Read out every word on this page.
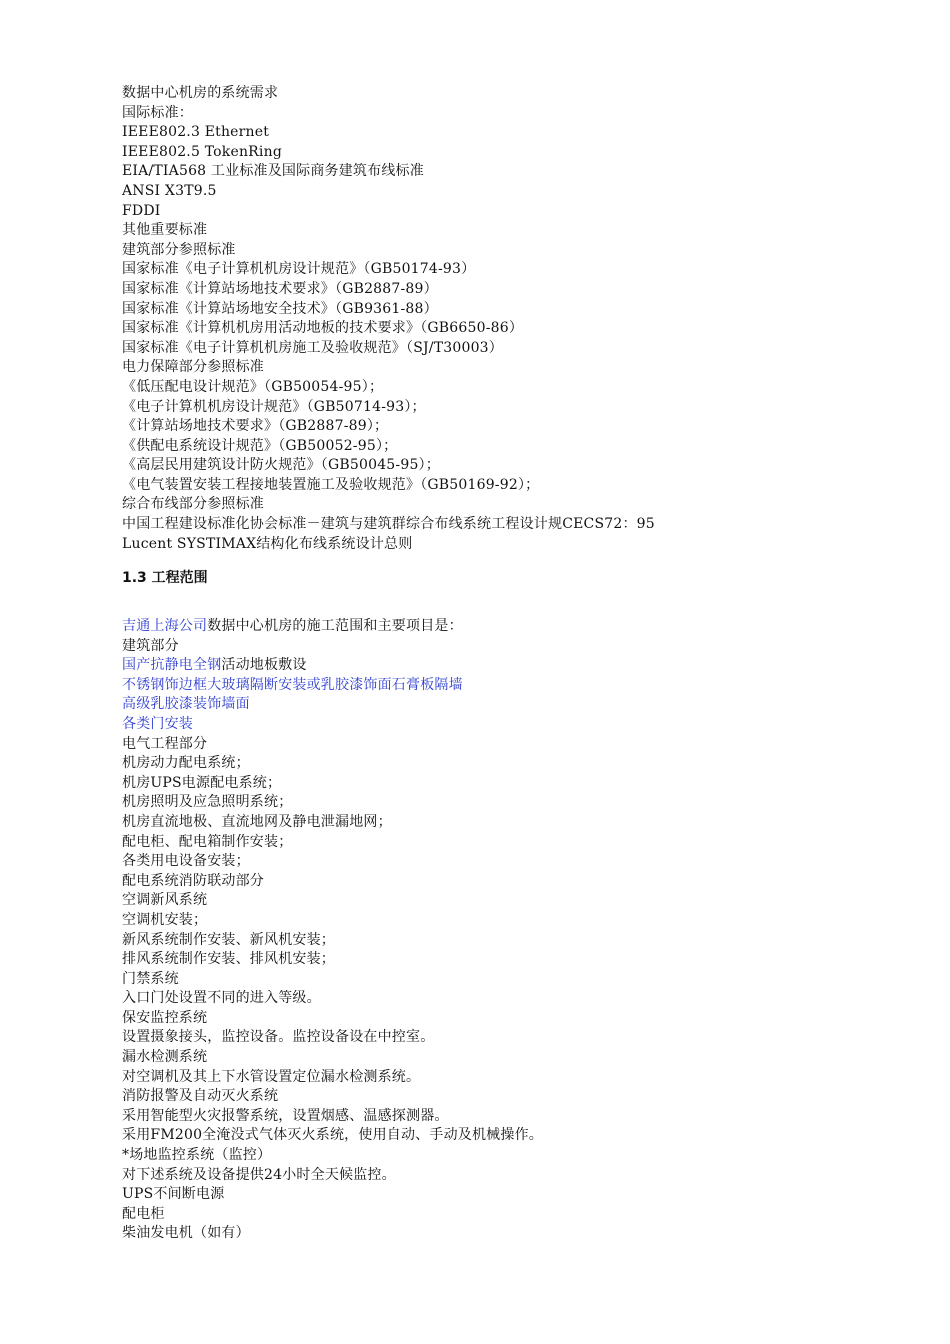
数据中心机房的系统需求
国际标准：
IEEE802.3 Ethernet
IEEE802.5 TokenRing
EIA/TIA568 工业标准及国际商务建筑布线标准
ANSI X3T9.5
FDDI
其他重要标准
建筑部分参照标准
国家标准《电子计算机机房设计规范》（GB50174-93）
国家标准《计算站场地技术要求》（GB2887-89）
国家标准《计算站场地安全技术》（GB9361-88）
国家标准《计算机机房用活动地板的技术要求》（GB6650-86）
国家标准《电子计算机机房施工及验收规范》（SJ/T30003）
电力保障部分参照标准
《低压配电设计规范》（GB50054-95）；
《电子计算机机房设计规范》（GB50714-93）；
《计算站场地技术要求》（GB2887-89）；
《供配电系统设计规范》（GB50052-95）；
《高层民用建筑设计防火规范》（GB50045-95）；
《电气装置安装工程接地装置施工及验收规范》（GB50169-92）；
综合布线部分参照标准
中国工程建设标准化协会标准－建筑与建筑群综合布线系统工程设计规CECS72：95
Lucent SYSTIMAX结构化布线系统设计总则
1.3 工程范围
吉通上海公司数据中心机房的施工范围和主要项目是：
建筑部分
国产抗静电全钢活动地板敷设
不锈钢饰边框大玻璃隔断安装或乳胶漆饰面石膏板隔墙
高级乳胶漆装饰墙面
各类门安装
电气工程部分
机房动力配电系统；
机房UPS电源配电系统；
机房照明及应急照明系统；
机房直流地极、直流地网及静电泄漏地网；
配电柜、配电箱制作安装；
各类用电设备安装；
配电系统消防联动部分
空调新风系统
空调机安装；
新风系统制作安装、新风机安装；
排风系统制作安装、排风机安装；
门禁系统
入口门处设置不同的进入等级。
保安监控系统
设置摄象接头，监控设备。监控设备设在中控室。
漏水检测系统
对空调机及其上下水管设置定位漏水检测系统。
消防报警及自动灭火系统
采用智能型火灾报警系统，设置烟感、温感探测器。
采用FM200全淹没式气体灭火系统，使用自动、手动及机械操作。
*场地监控系统（监控）
对下述系统及设备提供24小时全天候监控。
UPS不间断电源
配电柜
柴油发电机（如有）
